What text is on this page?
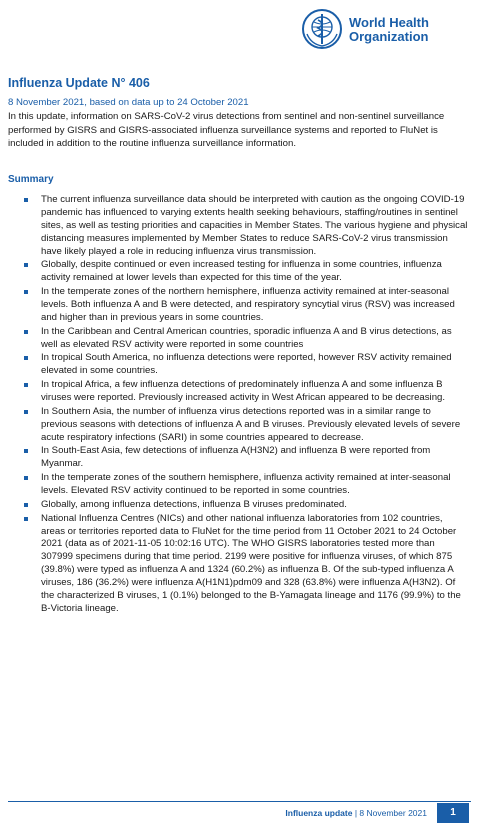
World Health
Organization
Influenza Update N° 406
8 November 2021, based on data up to 24 October 2021
In this update, information on SARS-CoV-2 virus detections from sentinel and non-sentinel surveillance performed by GISRS and GISRS-associated influenza surveillance systems and reported to FluNet is included in addition to the routine influenza surveillance information.
Summary
The current influenza surveillance data should be interpreted with caution as the ongoing COVID-19 pandemic has influenced to varying extents health seeking behaviours, staffing/routines in sentinel sites, as well as testing priorities and capacities in Member States. The various hygiene and physical distancing measures implemented by Member States to reduce SARS-CoV-2 virus transmission have likely played a role in reducing influenza virus transmission.
Globally, despite continued or even increased testing for influenza in some countries, influenza activity remained at lower levels than expected for this time of the year.
In the temperate zones of the northern hemisphere, influenza activity remained at inter-seasonal levels. Both influenza A and B were detected, and respiratory syncytial virus (RSV) was increased and higher than in previous years in some countries.
In the Caribbean and Central American countries, sporadic influenza A and B virus detections, as well as elevated RSV activity were reported in some countries
In tropical South America, no influenza detections were reported, however RSV activity remained elevated in some countries.
In tropical Africa, a few influenza detections of predominately influenza A and some influenza B viruses were reported. Previously increased activity in West African appeared to be decreasing.
In Southern Asia, the number of influenza virus detections reported was in a similar range to previous seasons with detections of influenza A and B viruses. Previously elevated levels of severe acute respiratory infections (SARI) in some countries appeared to decrease.
In South-East Asia, few detections of influenza A(H3N2) and influenza B were reported from Myanmar.
In the temperate zones of the southern hemisphere, influenza activity remained at inter-seasonal levels. Elevated RSV activity continued to be reported in some countries.
Globally, among influenza detections, influenza B viruses predominated.
National Influenza Centres (NICs) and other national influenza laboratories from 102 countries, areas or territories reported data to FluNet for the time period from 11 October 2021 to 24 October 2021 (data as of 2021-11-05 10:02:16 UTC). The WHO GISRS laboratories tested more than 307999 specimens during that time period. 2199 were positive for influenza viruses, of which 875 (39.8%) were typed as influenza A and 1324 (60.2%) as influenza B. Of the sub-typed influenza A viruses, 186 (36.2%) were influenza A(H1N1)pdm09 and 328 (63.8%) were influenza A(H3N2). Of the characterized B viruses, 1 (0.1%) belonged to the B-Yamagata lineage and 1176 (99.9%) to the B-Victoria lineage.
Influenza update | 8 November 2021	1
